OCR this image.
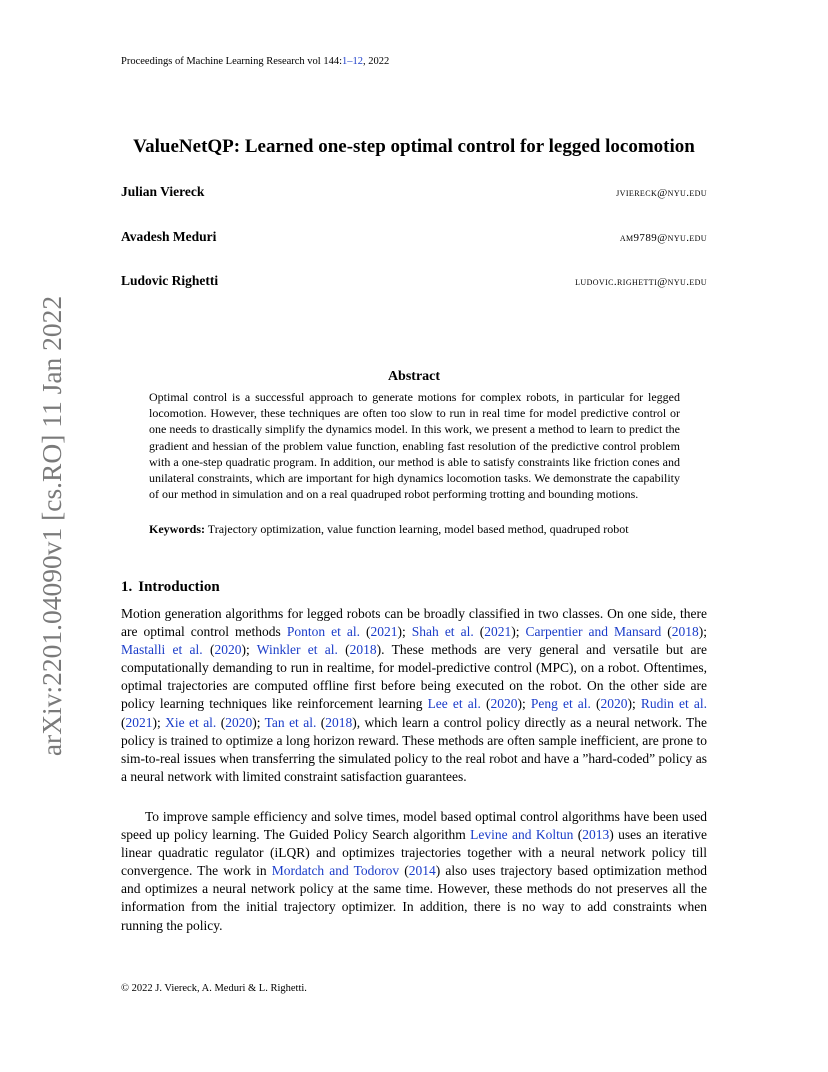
Proceedings of Machine Learning Research vol 144:1–12, 2022
ValueNetQP: Learned one-step optimal control for legged locomotion
Julian Viereck	jviereck@nyu.edu
Avadesh Meduri	am9789@nyu.edu
Ludovic Righetti	ludovic.righetti@nyu.edu
Abstract

Optimal control is a successful approach to generate motions for complex robots, in particular for legged locomotion. However, these techniques are often too slow to run in real time for model predictive control or one needs to drastically simplify the dynamics model. In this work, we present a method to learn to predict the gradient and hessian of the problem value function, enabling fast resolution of the predictive control problem with a one-step quadratic program. In addition, our method is able to satisfy constraints like friction cones and unilateral constraints, which are important for high dynamics locomotion tasks. We demonstrate the capability of our method in simulation and on a real quadruped robot performing trotting and bounding motions.

Keywords: Trajectory optimization, value function learning, model based method, quadruped robot

1. Introduction

Motion generation algorithms for legged robots can be broadly classified in two classes. On one side, there are optimal control methods Ponton et al. (2021); Shah et al. (2021); Carpentier and Mansard (2018); Mastalli et al. (2020); Winkler et al. (2018). These methods are very general and versatile but are computationally demanding to run in realtime, for model-predictive control (MPC), on a robot. Oftentimes, optimal trajectories are computed offline first before being executed on the robot. On the other side are policy learning techniques like reinforcement learning Lee et al. (2020); Peng et al. (2020); Rudin et al. (2021); Xie et al. (2020); Tan et al. (2018), which learn a control policy directly as a neural network. The policy is trained to optimize a long horizon reward. These methods are often sample inefficient, are prone to sim-to-real issues when transferring the simulated policy to the real robot and have a ”hard-coded” policy as a neural network with limited constraint satisfaction guarantees.

To improve sample efficiency and solve times, model based optimal control algorithms have been used speed up policy learning. The Guided Policy Search algorithm Levine and Koltun (2013) uses an iterative linear quadratic regulator (iLQR) and optimizes trajectories together with a neural network policy till convergence. The work in Mordatch and Todorov (2014) also uses trajectory based optimization method and optimizes a neural network policy at the same time. However, these methods do not preserves all the information from the initial trajectory optimizer. In addition, there is no way to add constraints when running the policy.

© 2022 J. Viereck, A. Meduri & L. Righetti.
arXiv:2201.04090v1 [cs.RO] 11 Jan 2022
